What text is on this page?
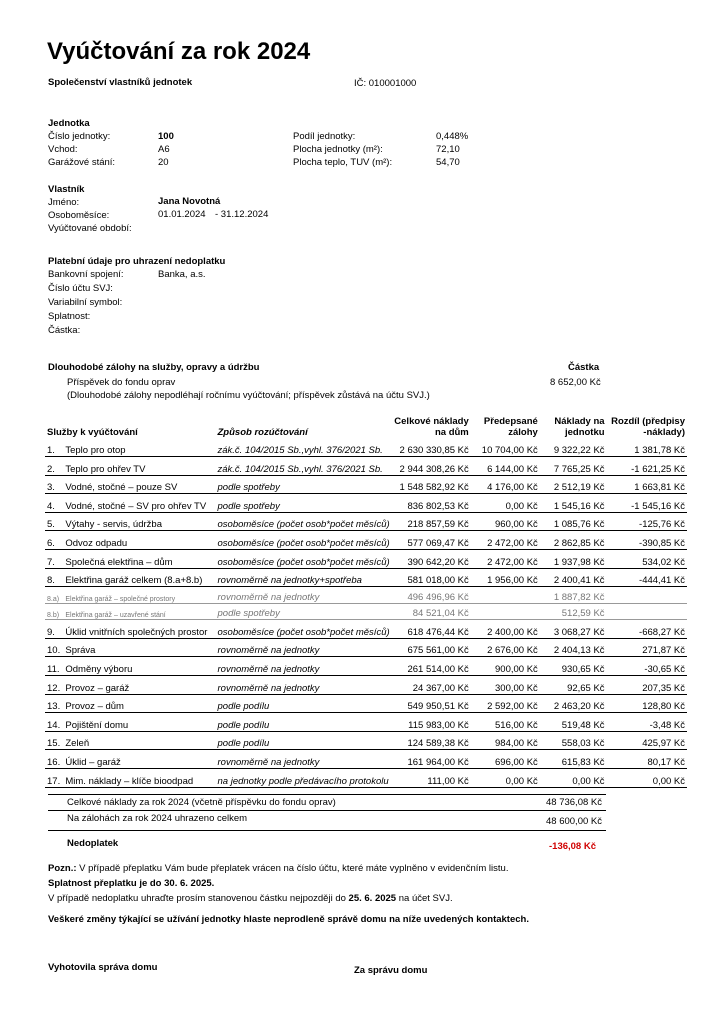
Vyúčtování za rok 2024
Společenství vlastníků jednotek	IČ: 010001000
Jednotka
Číslo jednotky:	100
Vchod:	A6
Garážové stání:	20
Podíl jednotky:	0,448%
Plocha jednotky (m²):	72,10
Plocha teplo, TUV (m²):	54,70
Vlastník
Jméno:	Jana Novotná
Osoboměsíce:	01.01.2024 - 31.12.2024
Vyúčtované období:
Platební údaje pro uhrazení nedoplatku
Bankovní spojení:	Banka, a.s.
Číslo účtu SVJ:
Variabilní symbol:
Splatnost:
Částka:
Dlouhodobé zálohy na služby, opravy a údržbu	Částka
Příspěvek do fondu oprav	8 652,00 Kč
(Dlouhodobé zálohy nepodléhají ročnímu vyúčtování; příspěvek zůstává na účtu SVJ.)
Služby k vyúčtování		Způsob rozúčtování	Celkové náklady
na dům	Předepsané
zálohy	Náklady na
jednotku	Rozdíl (předpisy
-náklady)
1.	Teplo pro otop	zák.č. 104/2015 Sb.,vyhl. 376/2021 Sb.	2 630 330,85 Kč	10 704,00 Kč	9 322,22 Kč	1 381,78 Kč
2.	Teplo pro ohřev TV	zák.č. 104/2015 Sb.,vyhl. 376/2021 Sb.	2 944 308,26 Kč	6 144,00 Kč	7 765,25 Kč	-1 621,25 Kč
3.	Vodné, stočné – pouze SV	podle spotřeby	1 548 582,92 Kč	4 176,00 Kč	2 512,19 Kč	1 663,81 Kč
4.	Vodné, stočné – SV pro ohřev TV	podle spotřeby	836 802,53 Kč	0,00 Kč	1 545,16 Kč	-1 545,16 Kč
5.	Výtahy - servis, údržba	osoboměsíce (počet osob*počet měsíců)	218 857,59 Kč	960,00 Kč	1 085,76 Kč	-125,76 Kč
6.	Odvoz odpadu	osoboměsíce (počet osob*počet měsíců)	577 069,47 Kč	2 472,00 Kč	2 862,85 Kč	-390,85 Kč
7.	Společná elektřina – dům	osoboměsíce (počet osob*počet měsíců)	390 642,20 Kč	2 472,00 Kč	1 937,98 Kč	534,02 Kč
8.	Elektřina garáž celkem (8.a+8.b)	rovnoměrně na jednotky+spotřeba	581 018,00 Kč	1 956,00 Kč	2 400,41 Kč	-444,41 Kč
8.a)	Elektřina garáž – společné prostory	rovnoměrně na jednotky	496 496,96 Kč		1 887,82 Kč	
8.b)	Elektřina garáž – uzavřené stání	podle spotřeby	84 521,04 Kč		512,59 Kč	
9.	Úklid vnitřních společných prostor	osoboměsíce (počet osob*počet měsíců)	618 476,44 Kč	2 400,00 Kč	3 068,27 Kč	-668,27 Kč
10.	Správa	rovnoměrně na jednotky	675 561,00 Kč	2 676,00 Kč	2 404,13 Kč	271,87 Kč
11.	Odměny výboru	rovnoměrně na jednotky	261 514,00 Kč	900,00 Kč	930,65 Kč	-30,65 Kč
12.	Provoz – garáž	rovnoměrně na jednotky	24 367,00 Kč	300,00 Kč	92,65 Kč	207,35 Kč
13.	Provoz – dům	podle podílu	549 950,51 Kč	2 592,00 Kč	2 463,20 Kč	128,80 Kč
14.	Pojištění domu	podle podílu	115 983,00 Kč	516,00 Kč	519,48 Kč	-3,48 Kč
15.	Zeleň	podle podílu	124 589,38 Kč	984,00 Kč	558,03 Kč	425,97 Kč
16.	Úklid – garáž	rovnoměrně na jednotky	161 964,00 Kč	696,00 Kč	615,83 Kč	80,17 Kč
17.	Mim. náklady – klíče bioodpad	na jednotky podle předávacího protokolu	111,00 Kč	0,00 Kč	0,00 Kč	0,00 Kč
Celkové náklady za rok 2024 (včetně příspěvku do fondu oprav)	48 736,08 Kč
Na zálohách za rok 2024 uhrazeno celkem	48 600,00 Kč
Nedoplatek	-136,08 Kč
Pozn.: V případě přeplatku Vám bude přeplatek vrácen na číslo účtu, které máte vyplněno v evidenčním listu.
Splatnost přeplatku je do 30. 6. 2025.
V případě nedoplatku uhraďte prosím stanovenou částku nejpozději do 25. 6. 2025 na účet SVJ.
Veškeré změny týkající se užívání jednotky hlaste neprodleně správě domu na níže uvedených kontaktech.
Vyhotovila správa domu	Za správu domu
